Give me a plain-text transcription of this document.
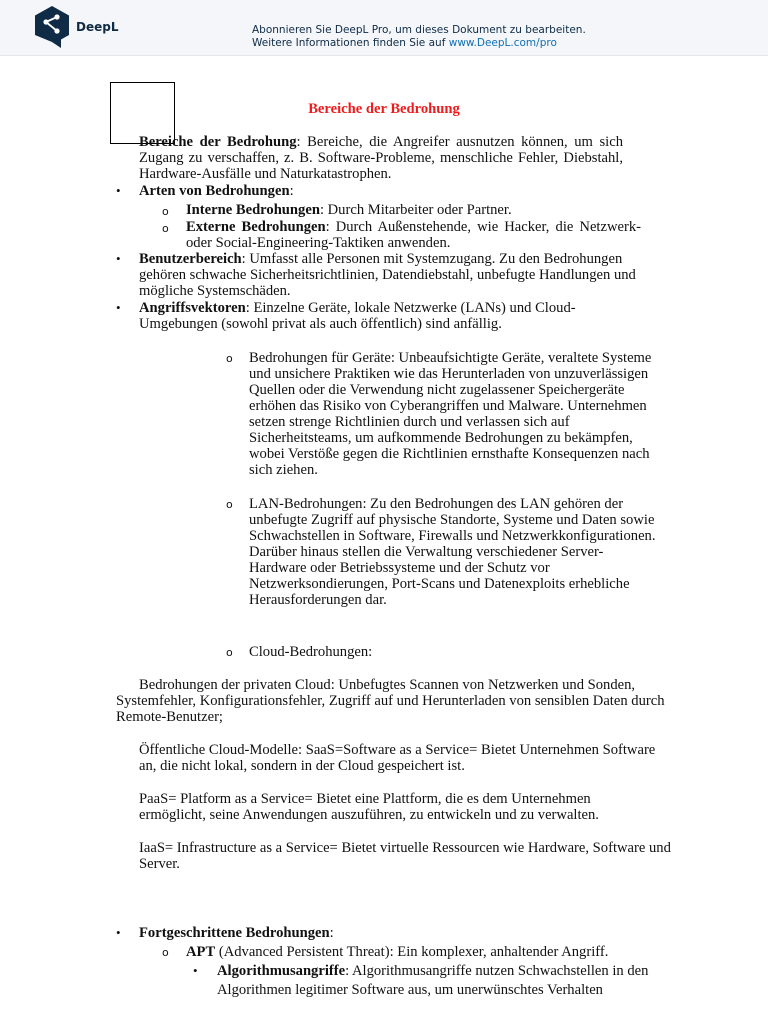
DeepL	Abonnieren Sie DeepL Pro, um dieses Dokument zu bearbeiten.
Weitere Informationen finden Sie auf www.DeepL.com/pro
Bereiche der Bedrohung
Bereiche der Bedrohung: Bereiche, die Angreifer ausnutzen können, um sich Zugang zu verschaffen, z. B. Software-Probleme, menschliche Fehler, Diebstahl, Hardware-Ausfälle und Naturkatastrophen.
• Arten von Bedrohungen:
o Interne Bedrohungen: Durch Mitarbeiter oder Partner.
o Externe Bedrohungen: Durch Außenstehende, wie Hacker, die Netzwerk- oder Social-Engineering-Taktiken anwenden.
• Benutzerbereich: Umfasst alle Personen mit Systemzugang. Zu den Bedrohungen gehören schwache Sicherheitsrichtlinien, Datendiebstahl, unbefugte Handlungen und mögliche Systemschäden.
• Angriffsvektoren: Einzelne Geräte, lokale Netzwerke (LANs) und Cloud-Umgebungen (sowohl privat als auch öffentlich) sind anfällig.
o Bedrohungen für Geräte: Unbeaufsichtigte Geräte, veraltete Systeme und unsichere Praktiken wie das Herunterladen von unzuverlässigen Quellen oder die Verwendung nicht zugelassener Speichergeräte erhöhen das Risiko von Cyberangriffen und Malware. Unternehmen setzen strenge Richtlinien durch und verlassen sich auf Sicherheitsteams, um aufkommende Bedrohungen zu bekämpfen, wobei Verstöße gegen die Richtlinien ernsthafte Konsequenzen nach sich ziehen.
o LAN-Bedrohungen: Zu den Bedrohungen des LAN gehören der unbefugte Zugriff auf physische Standorte, Systeme und Daten sowie Schwachstellen in Software, Firewalls und Netzwerkkonfigurationen. Darüber hinaus stellen die Verwaltung verschiedener Server-Hardware oder Betriebssysteme und der Schutz vor Netzwerksondierungen, Port-Scans und Datenexploits erhebliche Herausforderungen dar.
o Cloud-Bedrohungen:
Bedrohungen der privaten Cloud: Unbefugtes Scannen von Netzwerken und Sonden, Systemfehler, Konfigurationsfehler, Zugriff auf und Herunterladen von sensiblen Daten durch Remote-Benutzer;
Öffentliche Cloud-Modelle: SaaS=Software as a Service= Bietet Unternehmen Software an, die nicht lokal, sondern in der Cloud gespeichert ist.
PaaS= Platform as a Service= Bietet eine Plattform, die es dem Unternehmen ermöglicht, seine Anwendungen auszuführen, zu entwickeln und zu verwalten.
IaaS= Infrastructure as a Service= Bietet virtuelle Ressourcen wie Hardware, Software und Server.
• Fortgeschrittene Bedrohungen:
o APT (Advanced Persistent Threat): Ein komplexer, anhaltender Angriff.
• Algorithmusangriffe: Algorithmusangriffe nutzen Schwachstellen in den Algorithmen legitimer Software aus, um unerwünschtes Verhalten
